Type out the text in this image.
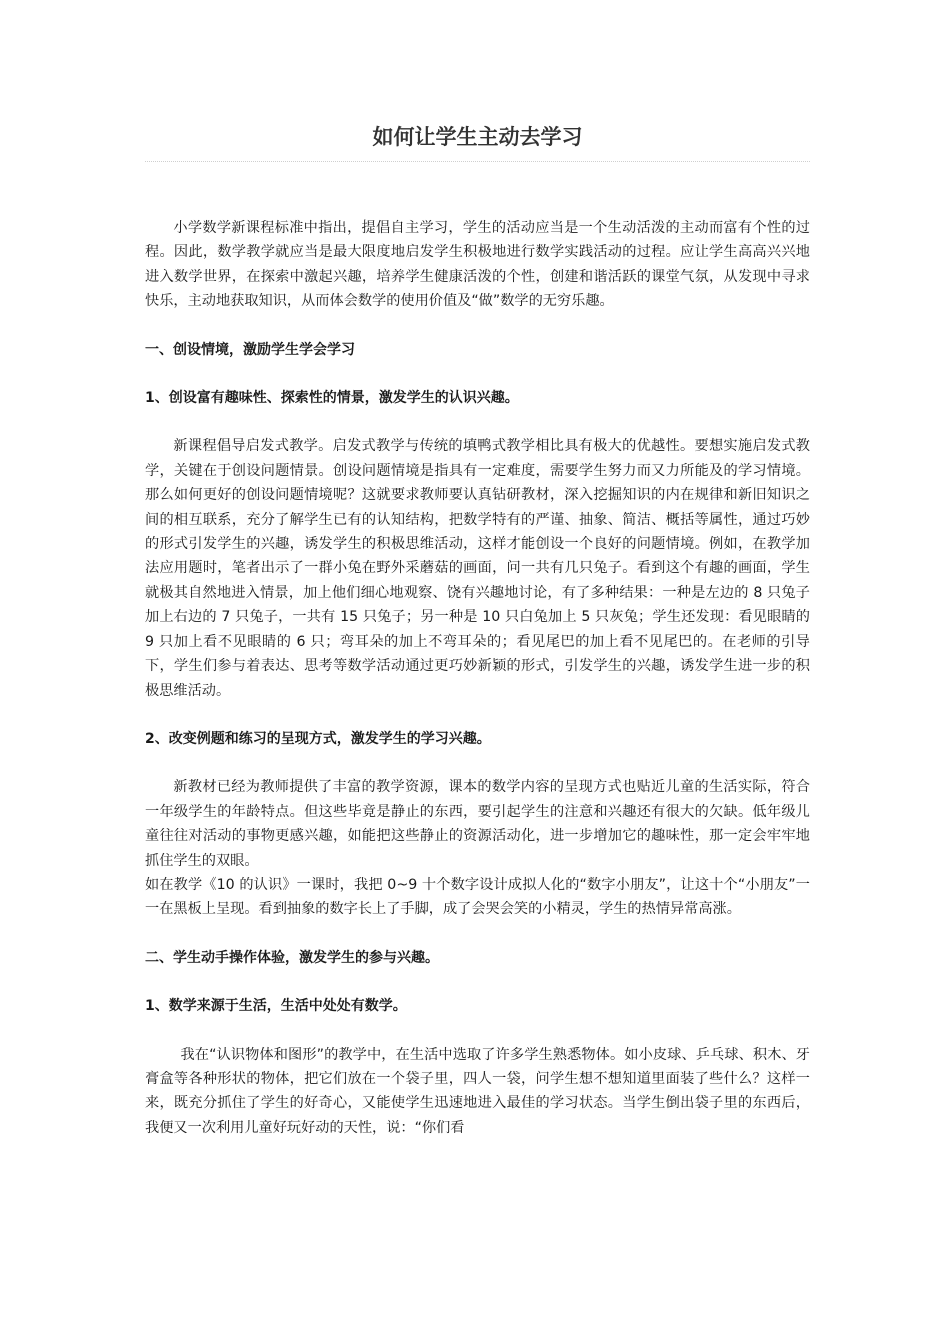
如何让学生主动去学习

小学数学新课程标准中指出，提倡自主学习，学生的活动应当是一个生动活泼的主动而富有个性的过程。因此，数学教学就应当是最大限度地启发学生积极地进行数学实践活动的过程。应让学生高高兴兴地进入数学世界，在探索中激起兴趣，培养学生健康活泼的个性，创建和谐活跃的课堂气氛，从发现中寻求快乐，主动地获取知识，从而体会数学的使用价值及“做”数学的无穷乐趣。

一、创设情境，激励学生学会学习

1、创设富有趣味性、探索性的情景，激发学生的认识兴趣。

新课程倡导启发式教学。启发式教学与传统的填鸭式教学相比具有极大的优越性。要想实施启发式教学，关键在于创设问题情景。创设问题情境是指具有一定难度，需要学生努力而又力所能及的学习情境。那么如何更好的创设问题情境呢？这就要求教师要认真钻研教材，深入挖掘知识的内在规律和新旧知识之间的相互联系，充分了解学生已有的认知结构，把数学特有的严谨、抽象、简洁、概括等属性，通过巧妙的形式引发学生的兴趣，诱发学生的积极思维活动，这样才能创设一个良好的问题情境。例如，在教学加法应用题时，笔者出示了一群小兔在野外采蘑菇的画面，问一共有几只兔子。看到这个有趣的画面，学生就极其自然地进入情景，加上他们细心地观察、饶有兴趣地讨论，有了多种结果：一种是左边的 8 只兔子加上右边的 7 只兔子，一共有 15 只兔子；另一种是 10 只白兔加上 5 只灰兔；学生还发现：看见眼睛的 9 只加上看不见眼睛的 6 只；弯耳朵的加上不弯耳朵的；看见尾巴的加上看不见尾巴的。在老师的引导下，学生们参与着表达、思考等数学活动通过更巧妙新颖的形式，引发学生的兴趣，诱发学生进一步的积极思维活动。

2、改变例题和练习的呈现方式，激发学生的学习兴趣。

新教材已经为教师提供了丰富的教学资源，课本的数学内容的呈现方式也贴近儿童的生活实际，符合一年级学生的年龄特点。但这些毕竟是静止的东西，要引起学生的注意和兴趣还有很大的欠缺。低年级儿童往往对活动的事物更感兴趣，如能把这些静止的资源活动化，进一步增加它的趣味性，那一定会牢牢地抓住学生的双眼。

如在教学《10 的认识》一课时，我把 0~9 十个数字设计成拟人化的“数字小朋友”，让这十个“小朋友”一一在黑板上呈现。看到抽象的数字长上了手脚，成了会哭会笑的小精灵，学生的热情异常高涨。

二、学生动手操作体验，激发学生的参与兴趣。

1、数学来源于生活，生活中处处有数学。

我在“认识物体和图形”的教学中，在生活中选取了许多学生熟悉物体。如小皮球、乒乓球、积木、牙膏盒等各种形状的物体，把它们放在一个袋子里，四人一袋，问学生想不想知道里面装了些什么？这样一来，既充分抓住了学生的好奇心，又能使学生迅速地进入最佳的学习状态。当学生倒出袋子里的东西后，我便又一次利用儿童好玩好动的天性，说：“你们看
